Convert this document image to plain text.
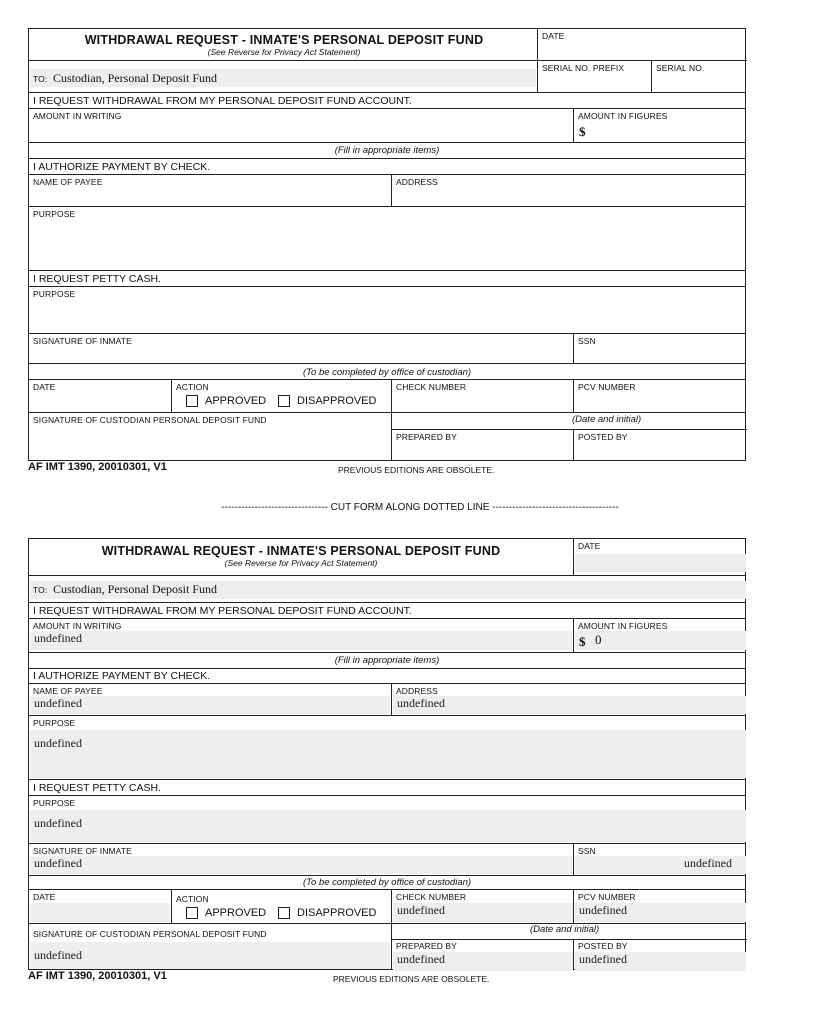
WITHDRAWAL REQUEST - INMATE'S PERSONAL DEPOSIT FUND
(See Reverse for Privacy Act Statement)
DATE
SERIAL NO. PREFIX	SERIAL NO.
TO: Custodian, Personal Deposit Fund
I REQUEST WITHDRAWAL FROM MY PERSONAL DEPOSIT FUND ACCOUNT.
AMOUNT IN WRITING	AMOUNT IN FIGURES
$
(Fill in appropriate items)
I AUTHORIZE PAYMENT BY CHECK.
NAME OF PAYEE	ADDRESS
PURPOSE
I REQUEST PETTY CASH.
PURPOSE
SIGNATURE OF INMATE	SSN
(To be completed by office of custodian)
DATE	ACTION
APPROVED	DISAPPROVED
CHECK NUMBER	PCV NUMBER
SIGNATURE OF CUSTODIAN PERSONAL DEPOSIT FUND	(Date and initial)
PREPARED BY	POSTED BY
AF IMT 1390, 20010301, V1	PREVIOUS EDITIONS ARE OBSOLETE.
-------------------------------- CUT FORM ALONG DOTTED LINE --------------------------------------
WITHDRAWAL REQUEST - INMATE'S PERSONAL DEPOSIT FUND
(See Reverse for Privacy Act Statement)
DATE
TO: Custodian, Personal Deposit Fund
I REQUEST WITHDRAWAL FROM MY PERSONAL DEPOSIT FUND ACCOUNT.
AMOUNT IN WRITING
undefined
AMOUNT IN FIGURES
$ 0
(Fill in appropriate items)
I AUTHORIZE PAYMENT BY CHECK.
NAME OF PAYEE
undefined
ADDRESS
undefined
PURPOSE
undefined
I REQUEST PETTY CASH.
PURPOSE
undefined
SIGNATURE OF INMATE
undefined
SSN
undefined
(To be completed by office of custodian)
DATE	ACTION
APPROVED	DISAPPROVED
CHECK NUMBER
undefined
PCV NUMBER
undefined
SIGNATURE OF CUSTODIAN PERSONAL DEPOSIT FUND
undefined
(Date and initial)
PREPARED BY
undefined
POSTED BY
undefined
AF IMT 1390, 20010301, V1	PREVIOUS EDITIONS ARE OBSOLETE.
